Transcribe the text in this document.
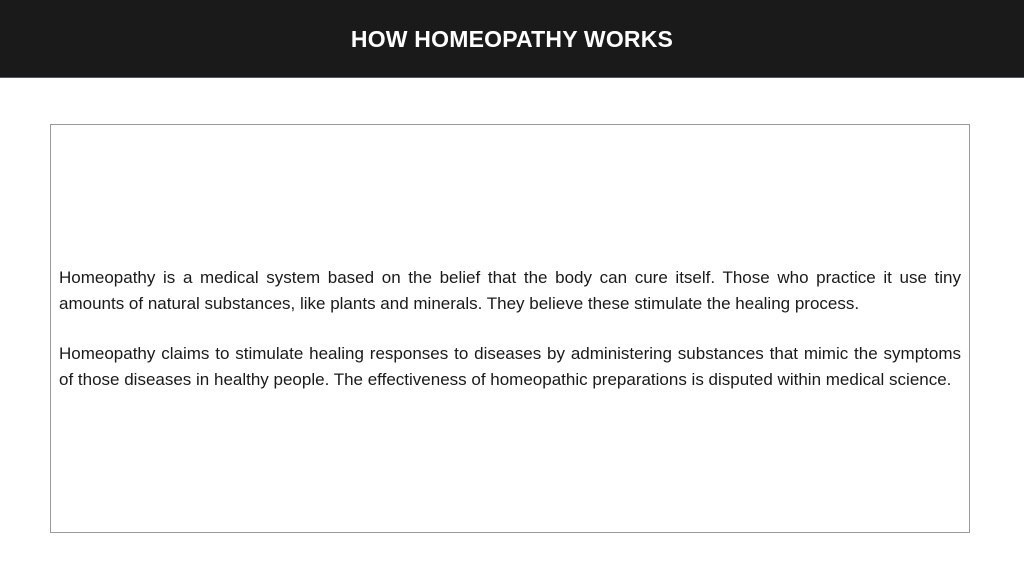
HOW HOMEOPATHY WORKS

Homeopathy is a medical system based on the belief that the body can cure itself. Those who practice it use tiny amounts of natural substances, like plants and minerals. They believe these stimulate the healing process.

Homeopathy claims to stimulate healing responses to diseases by administering substances that mimic the symptoms of those diseases in healthy people. The effectiveness of homeopathic preparations is disputed within medical science.
